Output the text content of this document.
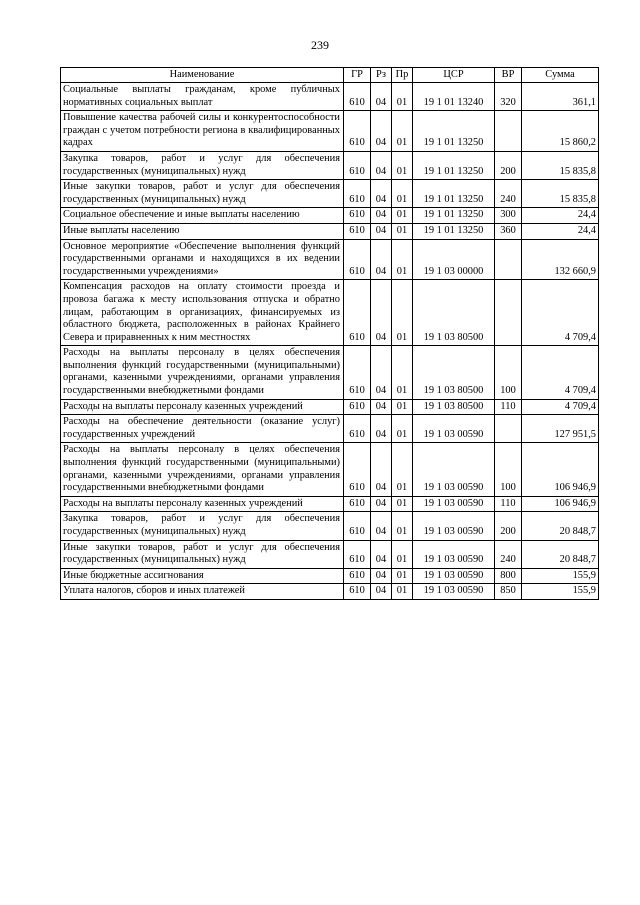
239
Наименование	ГР	Рз	Пр	ЦСР	ВР	Сумма
Социальные выплаты гражданам, кроме публичных нормативных социальных выплат	610	04	01	19 1 01 13240	320	361,1
Повышение качества рабочей силы и конкурентоспособности граждан с учетом потребности региона в квалифицированных кадрах	610	04	01	19 1 01 13250		15 860,2
Закупка товаров, работ и услуг для обеспечения государственных (муниципальных) нужд	610	04	01	19 1 01 13250	200	15 835,8
Иные закупки товаров, работ и услуг для обеспечения государственных (муниципальных) нужд	610	04	01	19 1 01 13250	240	15 835,8
Социальное обеспечение и иные выплаты населению	610	04	01	19 1 01 13250	300	24,4
Иные выплаты населению	610	04	01	19 1 01 13250	360	24,4
Основное мероприятие «Обеспечение выполнения функций государственными органами и находящихся в их ведении государственными учреждениями»	610	04	01	19 1 03 00000		132 660,9
Компенсация расходов на оплату стоимости проезда и провоза багажа к месту использования отпуска и обратно лицам, работающим в организациях, финансируемых из областного бюджета, расположенных в районах Крайнего Севера и приравненных к ним местностях	610	04	01	19 1 03 80500		4 709,4
Расходы на выплаты персоналу в целях обеспечения выполнения функций государственными (муниципальными) органами, казенными учреждениями, органами управления государственными внебюджетными фондами	610	04	01	19 1 03 80500	100	4 709,4
Расходы на выплаты персоналу казенных учреждений	610	04	01	19 1 03 80500	110	4 709,4
Расходы на обеспечение деятельности (оказание услуг) государственных учреждений	610	04	01	19 1 03 00590		127 951,5
Расходы на выплаты персоналу в целях обеспечения выполнения функций государственными (муниципальными) органами, казенными учреждениями, органами управления государственными внебюджетными фондами	610	04	01	19 1 03 00590	100	106 946,9
Расходы на выплаты персоналу казенных учреждений	610	04	01	19 1 03 00590	110	106 946,9
Закупка товаров, работ и услуг для обеспечения государственных (муниципальных) нужд	610	04	01	19 1 03 00590	200	20 848,7
Иные закупки товаров, работ и услуг для обеспечения государственных (муниципальных) нужд	610	04	01	19 1 03 00590	240	20 848,7
Иные бюджетные ассигнования	610	04	01	19 1 03 00590	800	155,9
Уплата налогов, сборов и иных платежей	610	04	01	19 1 03 00590	850	155,9
